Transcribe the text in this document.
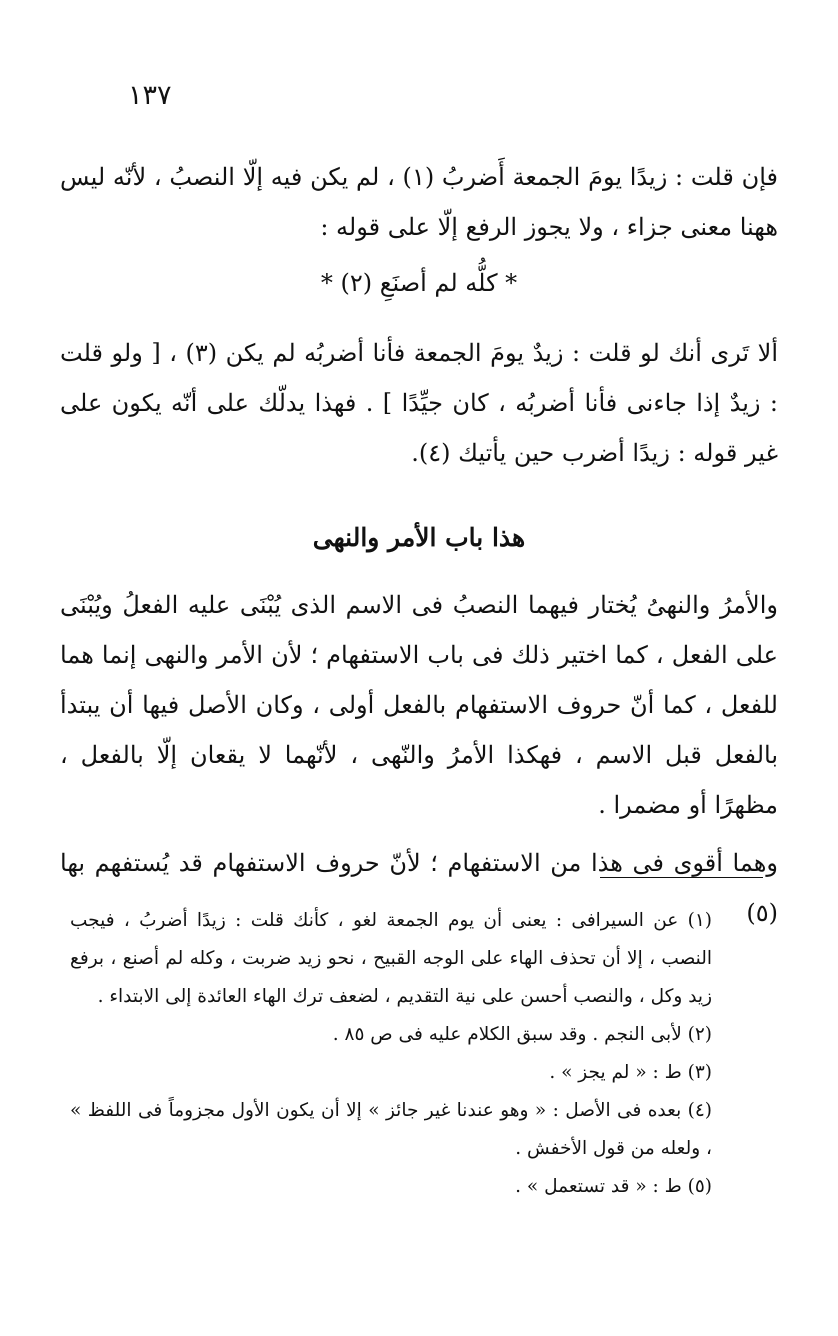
١٣٧

فإن قلت : زيدًا يومَ الجمعة أَضربُ (١) ، لم يكن فيه إلّا النصبُ ، لأنّه ليس ههنا معنى جزاء ، ولا يجوز الرفع إلّا على قوله :

* كلُّه لم أصنَعِ (٢) *

ألا تَرى أنك لو قلت : زيدٌ يومَ الجمعة فأنا أضربُه لم يكن (٣) ، [ ولو قلت : زيدٌ إذا جاءنى فأنا أضربُه ، كان جيِّدًا ] . فهذا يدلّك على أنّه يكون على غير قوله : زيدًا أضرب حين يأتيك (٤).

هذا باب الأمر والنهى

والأمرُ والنهىُ يُختار فيهما النصبُ فى الاسم الذى يُبْنَى عليه الفعلُ ويُبْنَى على الفعل ، كما اختير ذلك فى باب الاستفهام ؛ لأن الأمر والنهى إنما هما للفعل ، كما أنّ حروف الاستفهام بالفعل أولى ، وكان الأصل فيها أن يبتدأ بالفعل قبل الاسم ، فهكذا الأمرُ والنّهى ، لأنّهما لا يقعان إلّا بالفعل ، مظهرًا أو مضمرا .

وهما أقوى فى هذا من الاستفهام ؛ لأنّ حروف الاستفهام قد يُستفهم بها (٥)

(١) عن السيرافى : يعنى أن يوم الجمعة لغو ، كأنك قلت : زيدًا أضربُ ، فيجب النصب ، إلا أن تحذف الهاء على الوجه القبيح ، نحو زيد ضربت ، وكله لم أصنع ، برفع زيد وكل ، والنصب أحسن على نية التقديم ، لضعف ترك الهاء العائدة إلى الابتداء .

(٢) لأبى النجم . وقد سبق الكلام عليه فى ص ٨٥ .

(٣) ط : « لم يجز » .

(٤) بعده فى الأصل : « وهو عندنا غير جائز » إلا أن يكون الأول مجزوماً فى اللفظ » ، ولعله من قول الأخفش .

(٥) ط : « قد تستعمل » .
